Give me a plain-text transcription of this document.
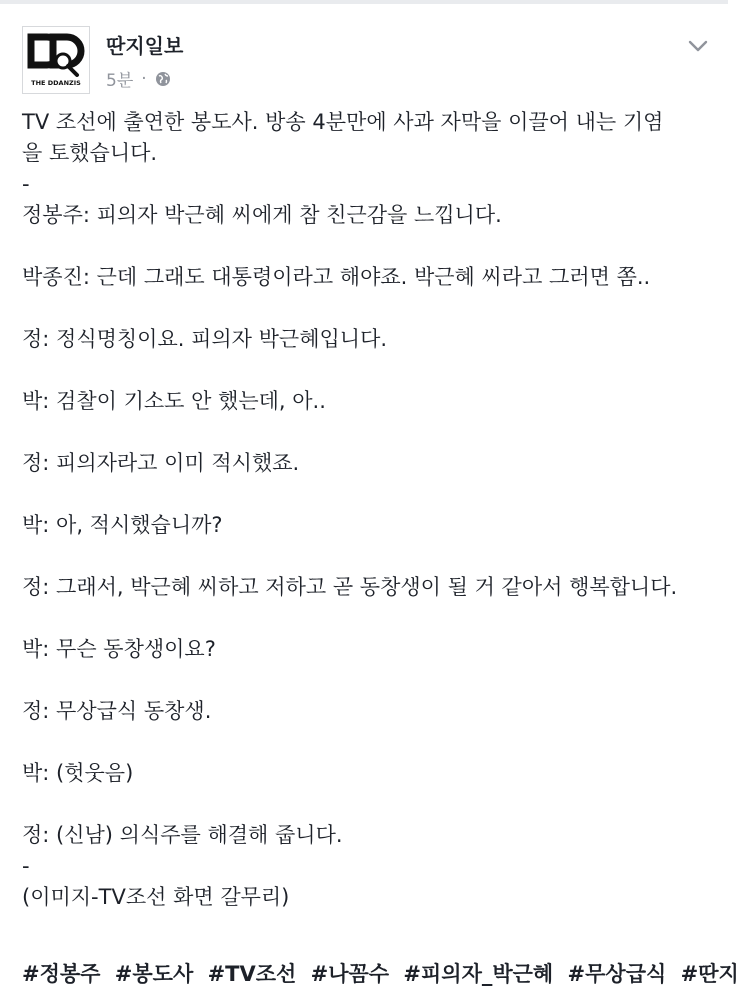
THE DDANZIS
딴지일보
5분 ·

TV 조선에 출연한 봉도사. 방송 4분만에 사과 자막을 이끌어 내는 기염

을 토했습니다.

-

정봉주: 피의자 박근혜 씨에게 참 친근감을 느낍니다.

박종진: 근데 그래도 대통령이라고 해야죠. 박근혜 씨라고 그러면 쫌..

정: 정식명칭이요. 피의자 박근혜입니다.

박: 검찰이 기소도 안 했는데, 아..

정: 피의자라고 이미 적시했죠.

박: 아, 적시했습니까?

정: 그래서, 박근혜 씨하고 저하고 곧 동창생이 될 거 같아서 행복합니다.

박: 무슨 동창생이요?

정: 무상급식 동창생.

박: (헛웃음)

정: (신남) 의식주를 해결해 줍니다.

-

(이미지-TV조선 화면 갈무리)

#정봉주 #봉도사 #TV조선 #나꼼수 #피의자_박근혜 #무상급식 #딴지
